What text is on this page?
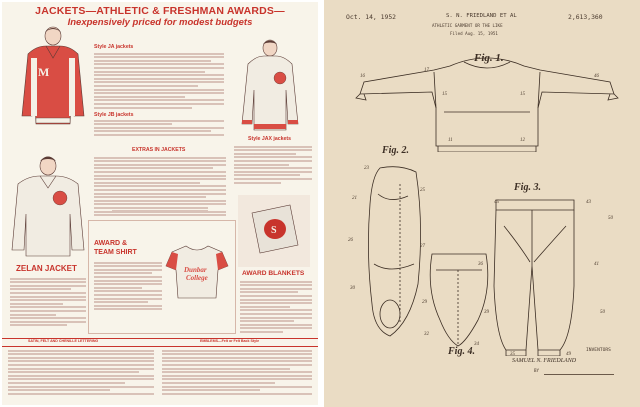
JACKETS—ATHLETIC & FRESHMAN AWARDS—
Inexpensively priced for modest budgets
M
Style JA jackets
Style JB jackets
Style JAX jackets
EXTRAS IN JACKETS
ZELAN JACKET
AWARD &
TEAM SHIRT
Dunbar
College
S
AWARD BLANKETS
SATIN, FELT AND CHENILLE LETTERING	EMBLEMS—Felt or Felt Back Style
Oct. 14, 1952	S. N. FRIEDLAND ET AL	2,613,360
ATHLETIC GARMENT OR THE LIKE
Filed Aug. 15, 1951
Fig. 1.
Fig. 2.
Fig. 3.
Fig. 4.
16
17
15	15
46
11	12
23
21
25
26
27
30
29
45	43
50
41
36
39	50
32
34
35	49
INVENTORS
SAMUEL N. FRIEDLAND
BY
